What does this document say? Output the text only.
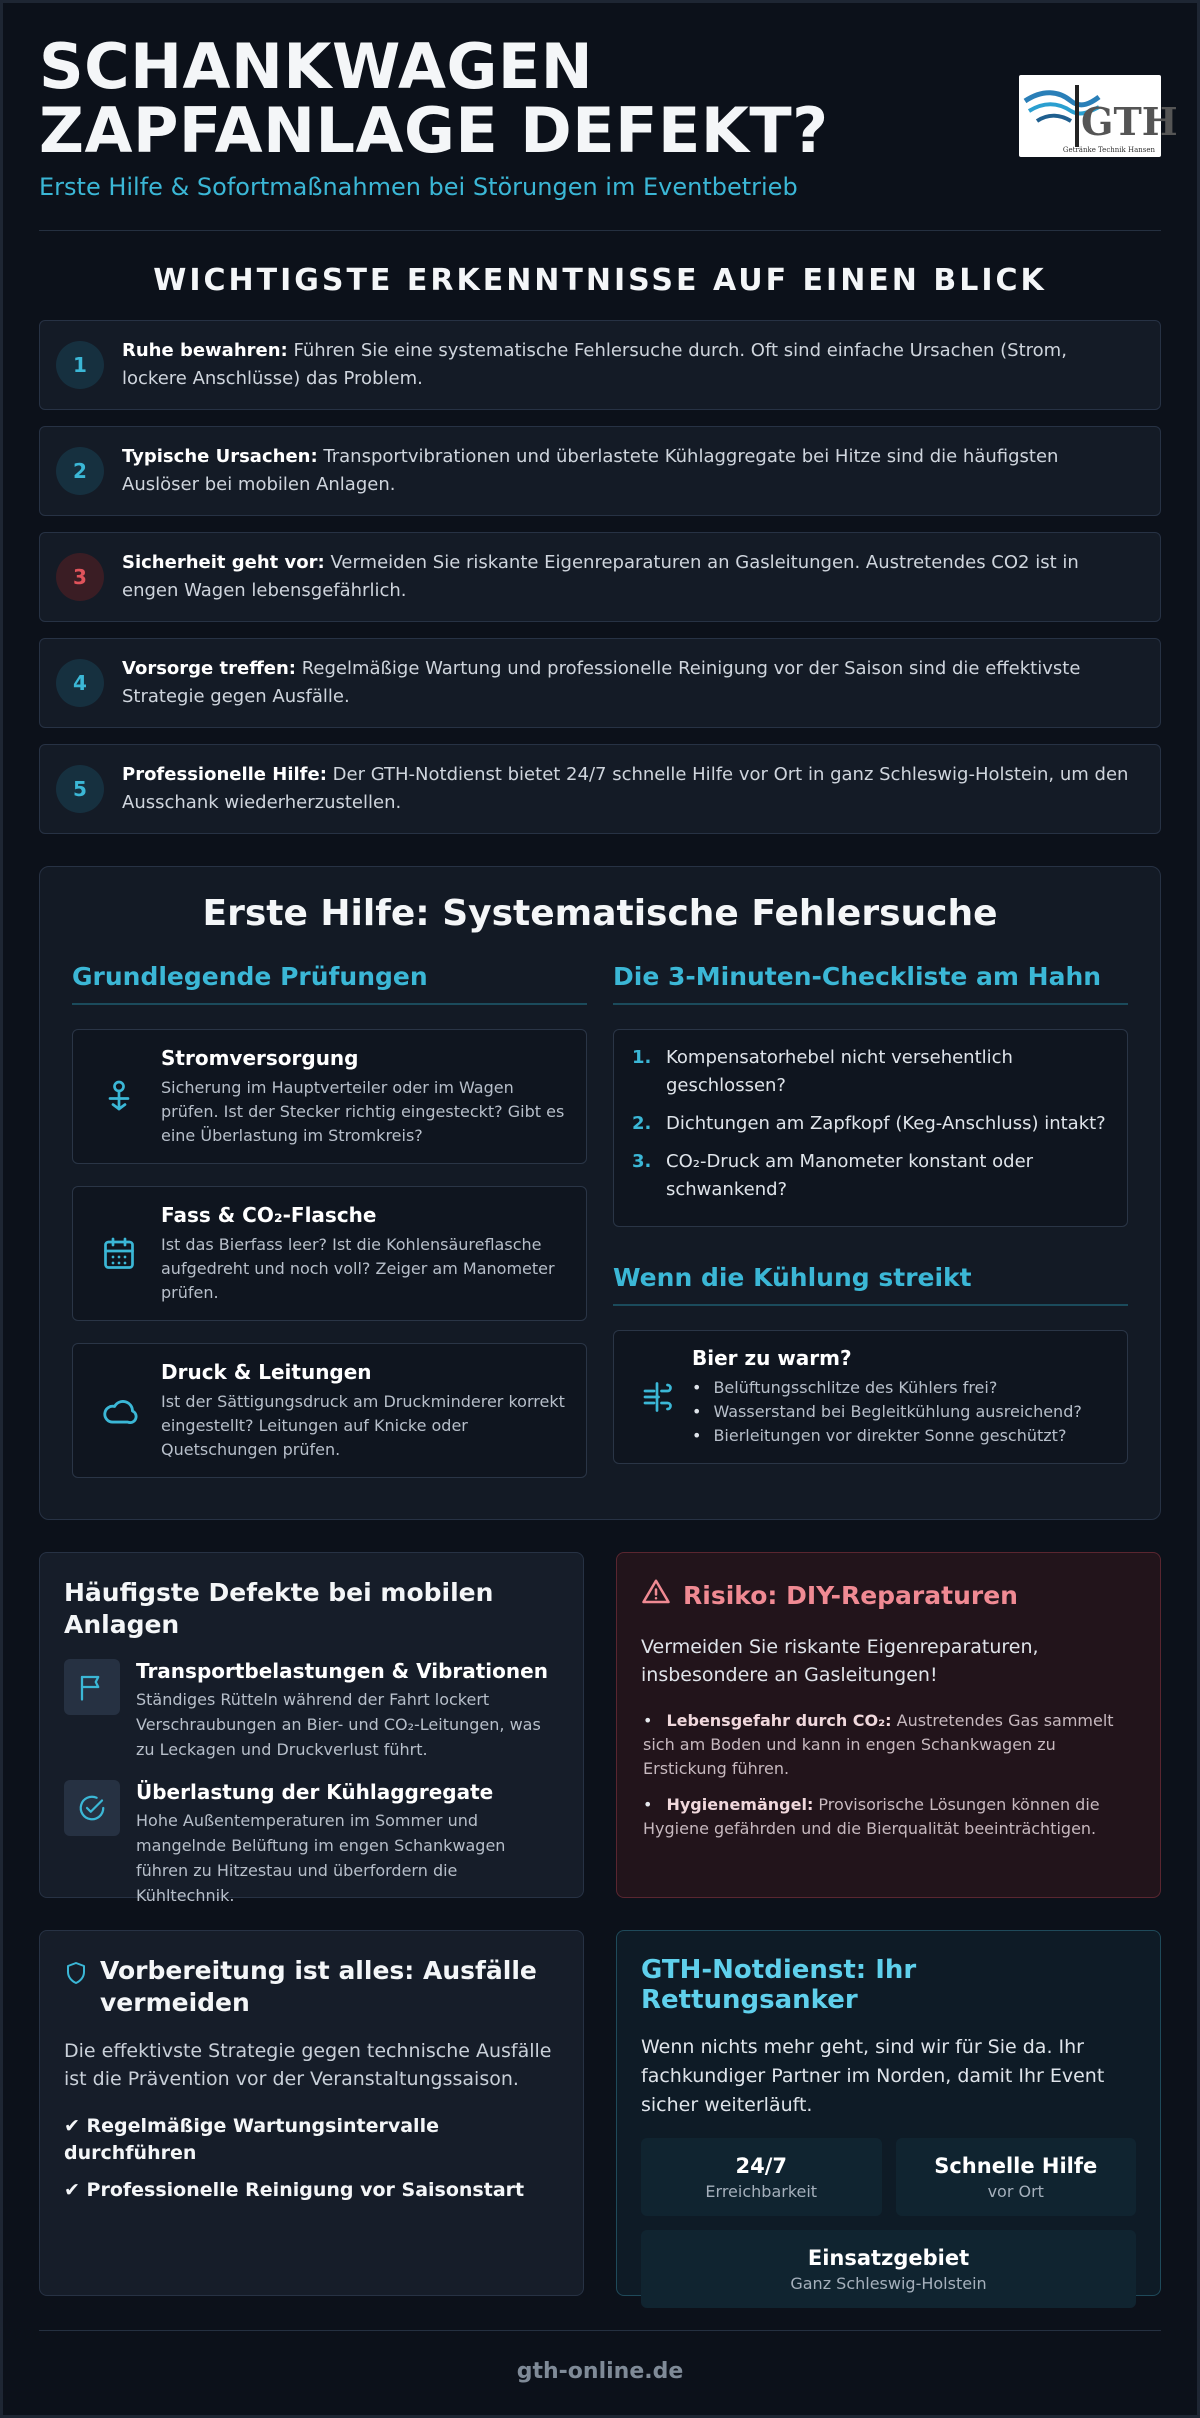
SCHANKWAGEN ZAPFANLAGE DEFEKT?
Erste Hilfe & Sofortmaßnahmen bei Störungen im Eventbetrieb
GTH
Getränke Technik Hansen
WICHTIGSTE ERKENNTNISSE AUF EINEN BLICK
1
Ruhe bewahren: Führen Sie eine systematische Fehlersuche durch. Oft sind einfache Ursachen (Strom, lockere Anschlüsse) das Problem.
2
Typische Ursachen: Transportvibrationen und überlastete Kühlaggregate bei Hitze sind die häufigsten Auslöser bei mobilen Anlagen.
3
Sicherheit geht vor: Vermeiden Sie riskante Eigenreparaturen an Gasleitungen. Austretendes CO2 ist in engen Wagen lebensgefährlich.
4
Vorsorge treffen: Regelmäßige Wartung und professionelle Reinigung vor der Saison sind die effektivste Strategie gegen Ausfälle.
5
Professionelle Hilfe: Der GTH-Notdienst bietet 24/7 schnelle Hilfe vor Ort in ganz Schleswig-Holstein, um den Ausschank wiederherzustellen.
Erste Hilfe: Systematische Fehlersuche
Grundlegende Prüfungen
Stromversorgung
Sicherung im Hauptverteiler oder im Wagen prüfen. Ist der Stecker richtig eingesteckt? Gibt es eine Überlastung im Stromkreis?
Fass & CO₂-Flasche
Ist das Bierfass leer? Ist die Kohlensäureflasche aufgedreht und noch voll? Zeiger am Manometer prüfen.
Druck & Leitungen
Ist der Sättigungsdruck am Druckminderer korrekt eingestellt? Leitungen auf Knicke oder Quetschungen prüfen.
Die 3-Minuten-Checkliste am Hahn
1. Kompensatorhebel nicht versehentlich geschlossen?
2. Dichtungen am Zapfkopf (Keg-Anschluss) intakt?
3. CO₂-Druck am Manometer konstant oder schwankend?
Wenn die Kühlung streikt
Bier zu warm?
• Belüftungsschlitze des Kühlers frei?
• Wasserstand bei Begleitkühlung ausreichend?
• Bierleitungen vor direkter Sonne geschützt?
Häufigste Defekte bei mobilen Anlagen
Transportbelastungen & Vibrationen
Ständiges Rütteln während der Fahrt lockert Verschraubungen an Bier- und CO₂-Leitungen, was zu Leckagen und Druckverlust führt.
Überlastung der Kühlaggregate
Hohe Außentemperaturen im Sommer und mangelnde Belüftung im engen Schankwagen führen zu Hitzestau und überfordern die Kühltechnik.
Risiko: DIY-Reparaturen

Vermeiden Sie riskante Eigenreparaturen, insbesondere an Gasleitungen!

• Lebensgefahr durch CO₂: Austretendes Gas sammelt sich am Boden und kann in engen Schankwagen zu Erstickung führen.
• Hygienemängel: Provisorische Lösungen können die Hygiene gefährden und die Bierqualität beeinträchtigen.
Vorbereitung ist alles: Ausfälle vermeiden

Die effektivste Strategie gegen technische Ausfälle ist die Prävention vor der Veranstaltungssaison.

✔ Regelmäßige Wartungsintervalle durchführen
✔ Professionelle Reinigung vor Saisonstart
GTH-Notdienst: Ihr Rettungsanker

Wenn nichts mehr geht, sind wir für Sie da. Ihr fachkundiger Partner im Norden, damit Ihr Event sicher weiterläuft.

24/7
Erreichbarkeit
Schnelle Hilfe
vor Ort
Einsatzgebiet
Ganz Schleswig-Holstein
gth-online.de
